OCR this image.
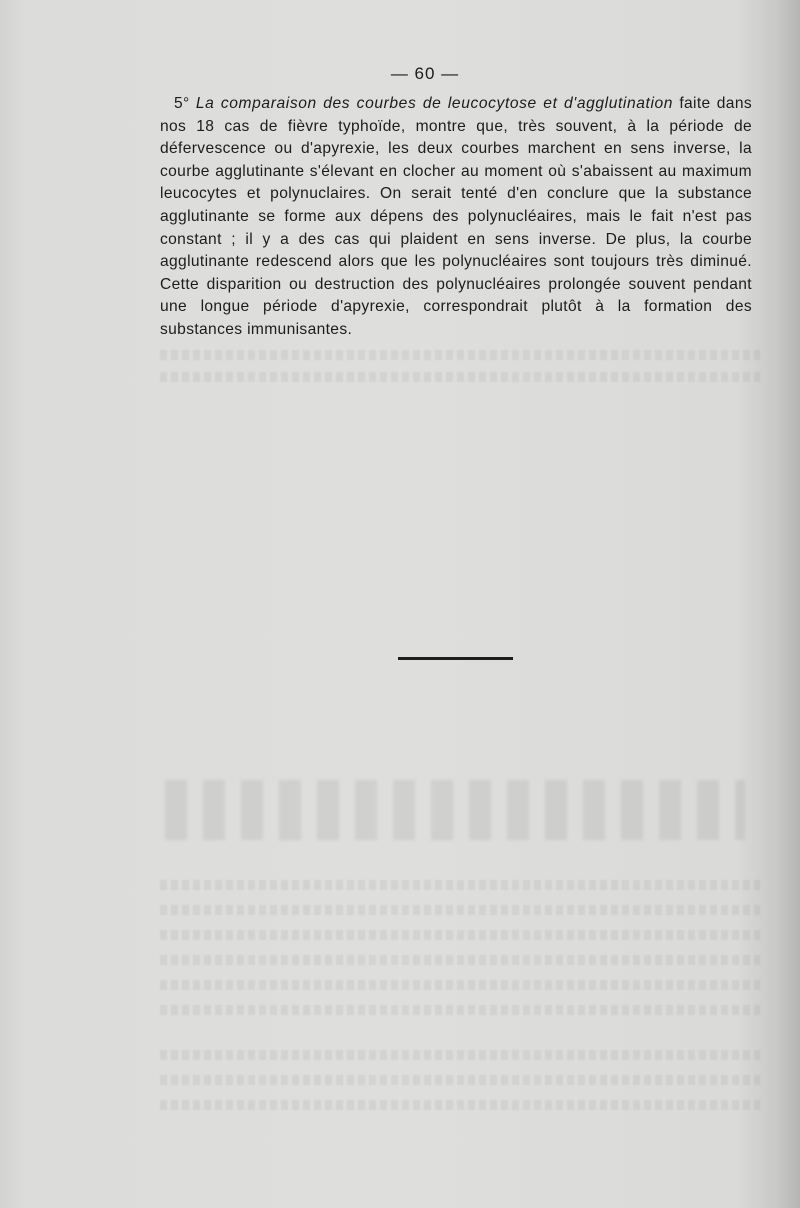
— 60 —

5° La comparaison des courbes de leucocytose et d'agglutination faite dans nos 18 cas de fièvre typhoïde, montre que, très souvent, à la période de défervescence ou d'apyrexie, les deux courbes marchent en sens inverse, la courbe agglutinante s'élevant en clocher au moment où s'abaissent au maximum leucocytes et polynuclaires. On serait tenté d'en conclure que la substance agglutinante se forme aux dépens des polynucléaires, mais le fait n'est pas constant ; il y a des cas qui plaident en sens inverse. De plus, la courbe agglutinante redescend alors que les polynucléaires sont toujours très diminué. Cette disparition ou destruction des polynucléaires prolongée souvent pendant une longue période d'apyrexie, correspondrait plutôt à la formation des substances immunisantes.
